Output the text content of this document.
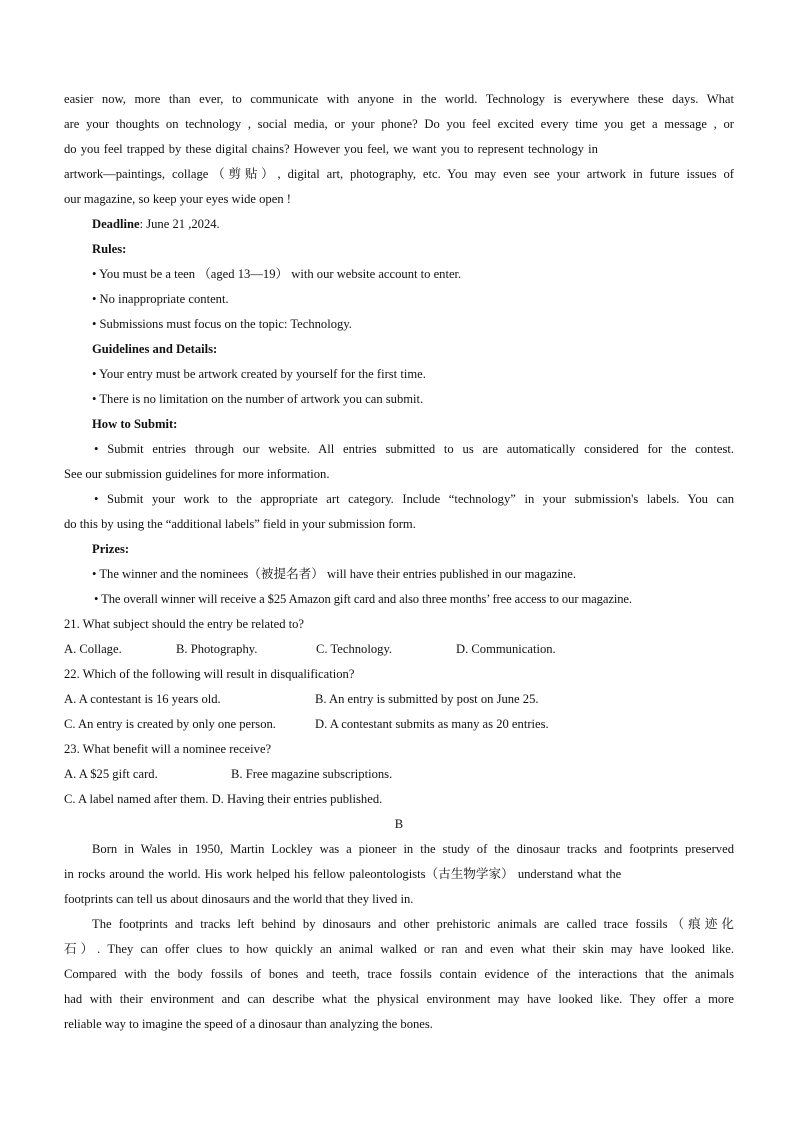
easier now, more than ever, to communicate with anyone in the world. Technology is everywhere these days. What
are your thoughts on technology , social media, or your phone? Do you feel excited every time you get a message , or
do you feel trapped by these digital chains? However you feel, we want you to represent technology in
artwork—paintings, collage（剪贴）, digital art, photography, etc. You may even see your artwork in future issues of
our magazine, so keep your eyes wide open !
Deadline: June 21 ,2024.
Rules:
• You must be a teen （aged 13—19） with our website account to enter.
• No inappropriate content.
• Submissions must focus on the topic: Technology.
Guidelines and Details:
• Your entry must be artwork created by yourself for the first time.
• There is no limitation on the number of artwork you can submit.
How to Submit:
• Submit entries through our website. All entries submitted to us are automatically considered for the contest.
See our submission guidelines for more information.
• Submit your work to the appropriate art category. Include “technology” in your submission's labels. You can
do this by using the “additional labels” field in your submission form.
Prizes:
• The winner and the nominees（被提名者） will have their entries published in our magazine.
• The overall winner will receive a $25 Amazon gift card and also three months’ free access to our magazine.
21. What subject should the entry be related to?
A. Collage.	B. Photography.	C. Technology.	D. Communication.
22. Which of the following will result in disqualification?
A. A contestant is 16 years old.	B. An entry is submitted by post on June 25.
C. An entry is created by only one person.	D. A contestant submits as many as 20 entries.
23. What benefit will a nominee receive?
A. A $25 gift card.	B. Free magazine subscriptions.
C. A label named after them. D. Having their entries published.
B
Born in Wales in 1950, Martin Lockley was a pioneer in the study of the dinosaur tracks and footprints preserved
in rocks around the world. His work helped his fellow paleontologists（古生物学家） understand what the
footprints can tell us about dinosaurs and the world that they lived in.
The footprints and tracks left behind by dinosaurs and other prehistoric animals are called trace fossils（痕迹化
石）. They can offer clues to how quickly an animal walked or ran and even what their skin may have looked like.
Compared with the body fossils of bones and teeth, trace fossils contain evidence of the interactions that the animals
had with their environment and can describe what the physical environment may have looked like. They offer a more
reliable way to imagine the speed of a dinosaur than analyzing the bones.
